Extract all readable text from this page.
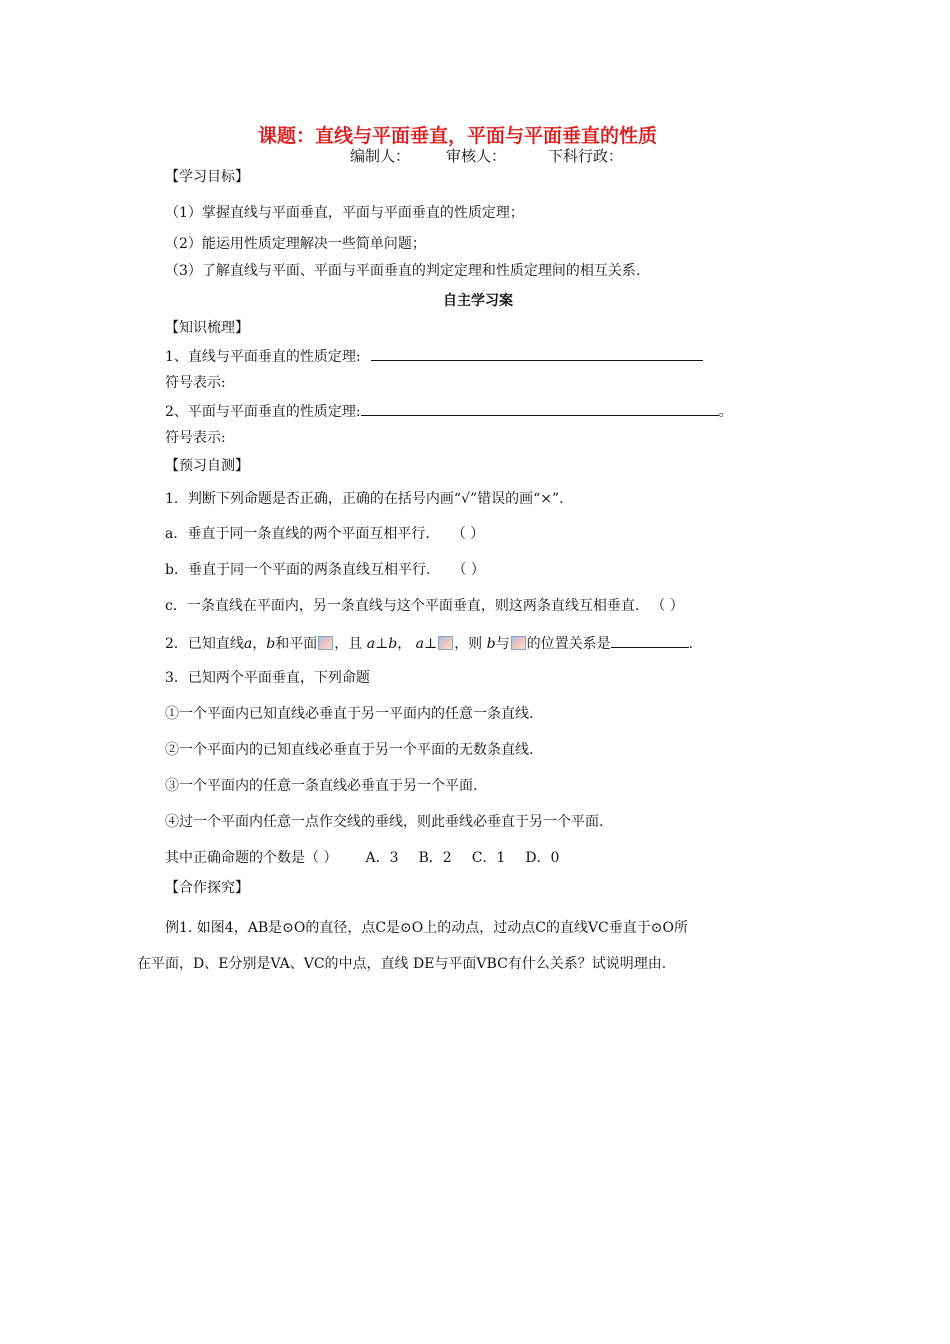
课题：直线与平面垂直，平面与平面垂直的性质
编制人： 审核人：	下科行政：
【学习目标】
（1）掌握直线与平面垂直，平面与平面垂直的性质定理；
（2）能运用性质定理解决一些简单问题；
（3）了解直线与平面、平面与平面垂直的判定定理和性质定理间的相互关系.
自主学习案
【知识梳理】
1、直线与平面垂直的性质定理:
符号表示:
2、平面与平面垂直的性质定理:	。
符号表示:
【预习自测】
1．判断下列命题是否正确，正确的在括号内画“√”错误的画“×”.
a．垂直于同一条直线的两个平面互相平行. （ ）
b．垂直于同一个平面的两条直线互相平行. （ ）
c．一条直线在平面内，另一条直线与这个平面垂直，则这两条直线互相垂直. （ ）
2．已知直线a，b和平面 ，且 a⊥b， a⊥ ，则 b与 的位置关系是	.
3．已知两个平面垂直，下列命题
①一个平面内已知直线必垂直于另一平面内的任意一条直线.
②一个平面内的已知直线必垂直于另一个平面的无数条直线.
③一个平面内的任意一条直线必垂直于另一个平面.
④过一个平面内任意一点作交线的垂线，则此垂线必垂直于另一个平面.
其中正确命题的个数是（ ） A．3 B．2 C．1 D．0
【合作探究】
例1. 如图4，AB是⊙O的直径，点C是⊙O上的动点，过动点C的直线VC垂直于⊙O所
在平面，D、E分别是VA、VC的中点，直线 DE与平面VBC有什么关系？试说明理由.
